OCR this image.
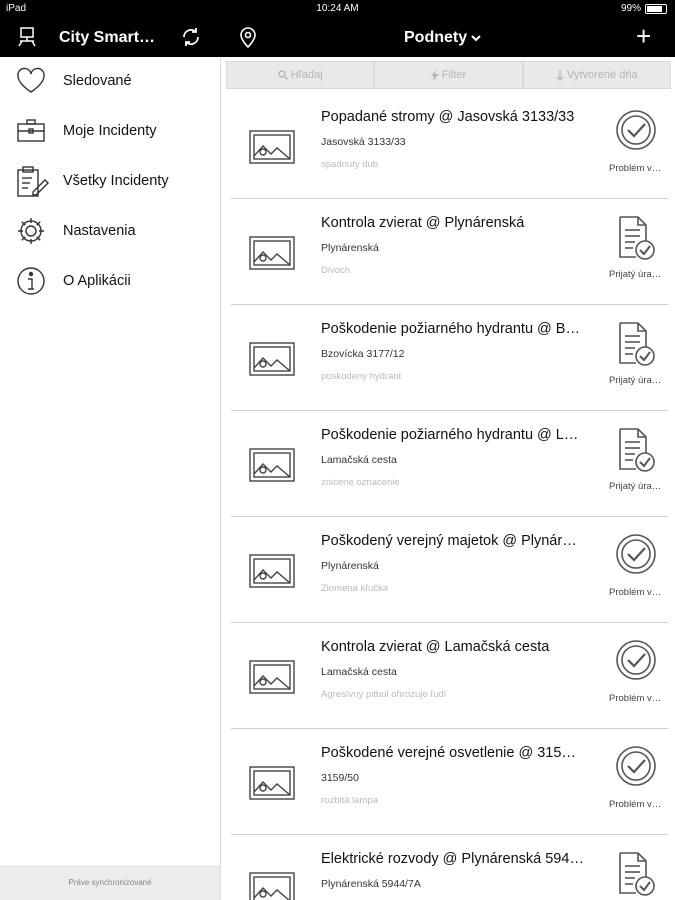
iPad	10:24 AM	99%
City Smart…	Podnety	+
Sledované
Moje Incidenty
Všetky Incidenty
Nastavenia
O Aplikácii
Práve synchronizované
Hľadaj	Filter	Vytvorené dňa
Popadané stromy @ Jasovská 3133/33
Jasovská 3133/33
spadnuty dub	Problém v…
Kontrola zvierat @ Plynárenská
Plynárenská
Divoch	Prijatý úra…
Poškodenie požiarného hydrantu @ B…
Bzovícka 3177/12
poskodeny hydrant	Prijatý úra…
Poškodenie požiarného hydrantu @ L…
Lamačská cesta
znicene oznacenie	Prijatý úra…
Poškodený verejný majetok @ Plynár…
Plynárenská
Zlomená kľučka	Problém v…
Kontrola zvierat @ Lamačská cesta
Lamačská cesta
Agresívny pitbul ohrozuje ľudí	Problém v…
Poškodené verejné osvetlenie @ 315…
3159/50
rozbitá lampa	Problém v…
Elektrické rozvody @ Plynárenská 594…
Plynárenská 5944/7A
